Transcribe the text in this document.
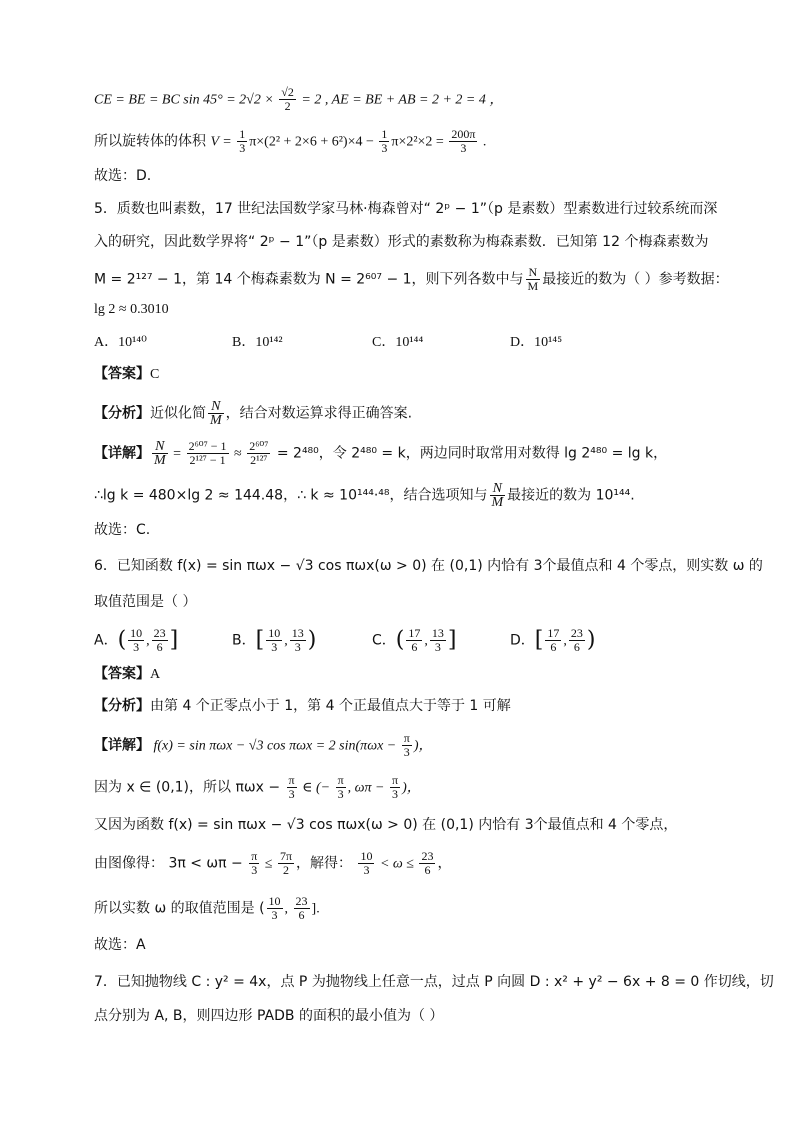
CE = BE = BC $\sin 45^\circ = 2√2 \times \frac{√2}{2} = 2$ , AE = BE + AB = 2 + 2 = 4 ，
所以旋转体的体积 $V = \frac{1}{3} \pi\times(2^2 + 2\times 6 + 6^2)\times 4 - \frac{1}{3} \pi\times 2^2\times 2 = \frac{200\pi}{3}$ .
故选：D.
5．质数也叫素数，17 世纪法国数学家马林·梅森曾对“ 2ᵖ − 1”（p 是素数）型素数进行过较系统而深
入的研究，因此数学界将“ 2ᵖ − 1”（p 是素数）形式的素数称为梅森素数．已知第 12 个梅森素数为
M = 2¹²⁷ − 1，第 14 个梅森素数为 N = 2⁶⁰⁷ − 1，则下列各数中与 $\frac{N}{M}$ 最接近的数为（ ）参考数据：
lg 2 ≈ 0.3010
A．10¹⁴⁰	B．10¹⁴²	C．10¹⁴⁴	D．10¹⁴⁵
【答案】C
【分析】近似化简 $\frac{N}{M}$ ，结合对数运算求得正确答案.
【详解】 $\frac{N}{M} = \frac{\text{2⁶⁰⁷ − 1}}{\text{2¹²⁷ − 1}} \approx \frac{\text{2⁶⁰⁷}}{\text{2¹²⁷}} = 2^{480}$，令 2⁴⁸⁰ = k，两边同时取常用对数得 lg 2⁴⁸⁰ = lg k，
∴lg k = 480×lg 2 ≈ 144.48，∴ k ≈ 10¹⁴⁴·⁴⁸，结合选项知与 $\frac{N}{M}$ 最接近的数为 10¹⁴⁴.
故选：C.
6．已知函数 f(x) = sin πωx − √3 cos πωx(ω > 0) 在 (0,1) 内恰有 3个最值点和 4 个零点，则实数 ω 的
取值范围是（ ）
A．( $\frac{10}{3}$ , $\frac{23}{6}$ ]	B．[ $\frac{10}{3}$ , $\frac{13}{3}$ )	C．( $\frac{17}{6}$ , $\frac{13}{3}$ ]	D．[ $\frac{17}{6}$ , $\frac{23}{6}$ )
【答案】A
【分析】由第 4 个正零点小于 1，第 4 个正最值点大于等于 1 可解
【详解】 f(x) = sin πωx − √3 cos πωx = 2 $\sin(\pi\omega x - \frac{\pi}{3}$ )，
因为 x ∈ (0,1)，所以 $\pi\omega x - \frac{\pi}{3}$ ∈ (− $\frac{\pi}{3}$ , $\omega\pi - \frac{\pi}{3}$ )，
又因为函数 f(x) = sin πωx − √3 cos πωx(ω > 0) 在 (0,1) 内恰有 3个最值点和 4 个零点，
由图像得： $3\pi < \omega\pi - \frac{\pi}{3} \le \frac{7\pi}{2}$ ，解得： $\frac{10}{3} < \omega \le \frac{23}{6}$ ，
所以实数 ω 的取值范围是 ( $\frac{10}{3}$ , $\frac{23}{6}$ ].
故选：A
7．已知抛物线 C : y² = 4x，点 P 为抛物线上任意一点，过点 P 向圆 D : x² + y² − 6x + 8 = 0 作切线，切
点分别为 A, B，则四边形 PADB 的面积的最小值为（ ）
